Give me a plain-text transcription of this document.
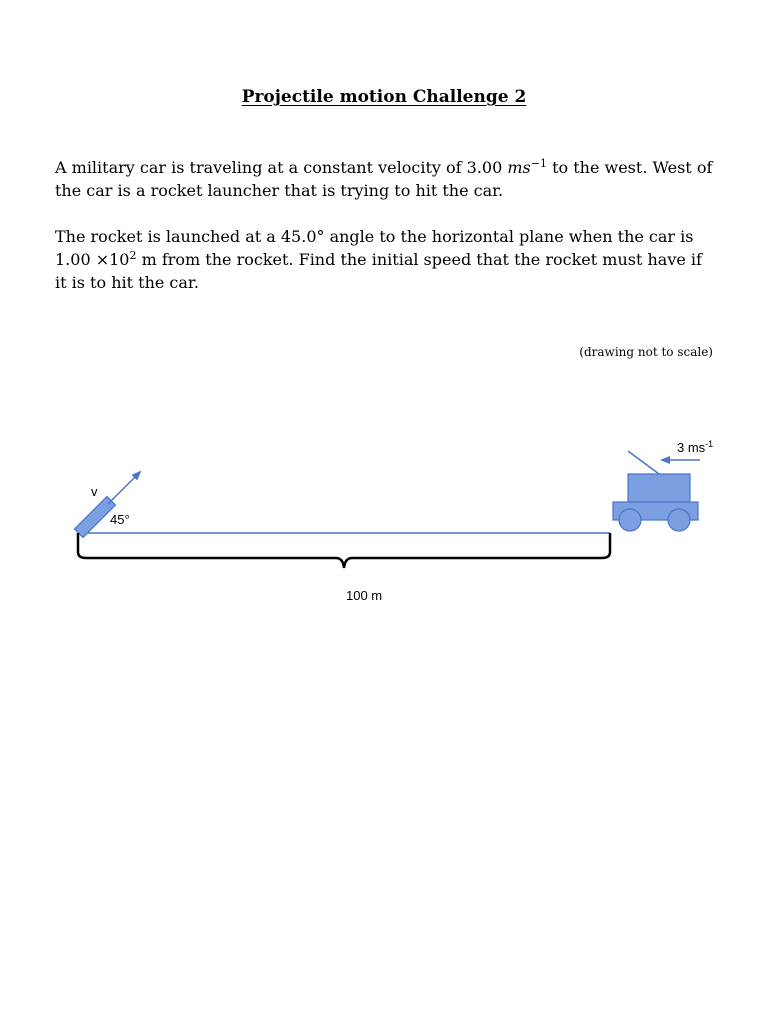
Projectile motion Challenge 2

A military car is traveling at a constant velocity of 3.00 $ms^{-1}$ to the west. West of the car is a rocket launcher that is trying to hit the car.

The rocket is launched at a 45.0° angle to the horizontal plane when the car is $1.00 \times 10^2$ m from the rocket. Find the initial speed that the rocket must have if it is to hit the car.

(drawing not to scale)
v
45°
100 m
3 $ms^{-1}$
